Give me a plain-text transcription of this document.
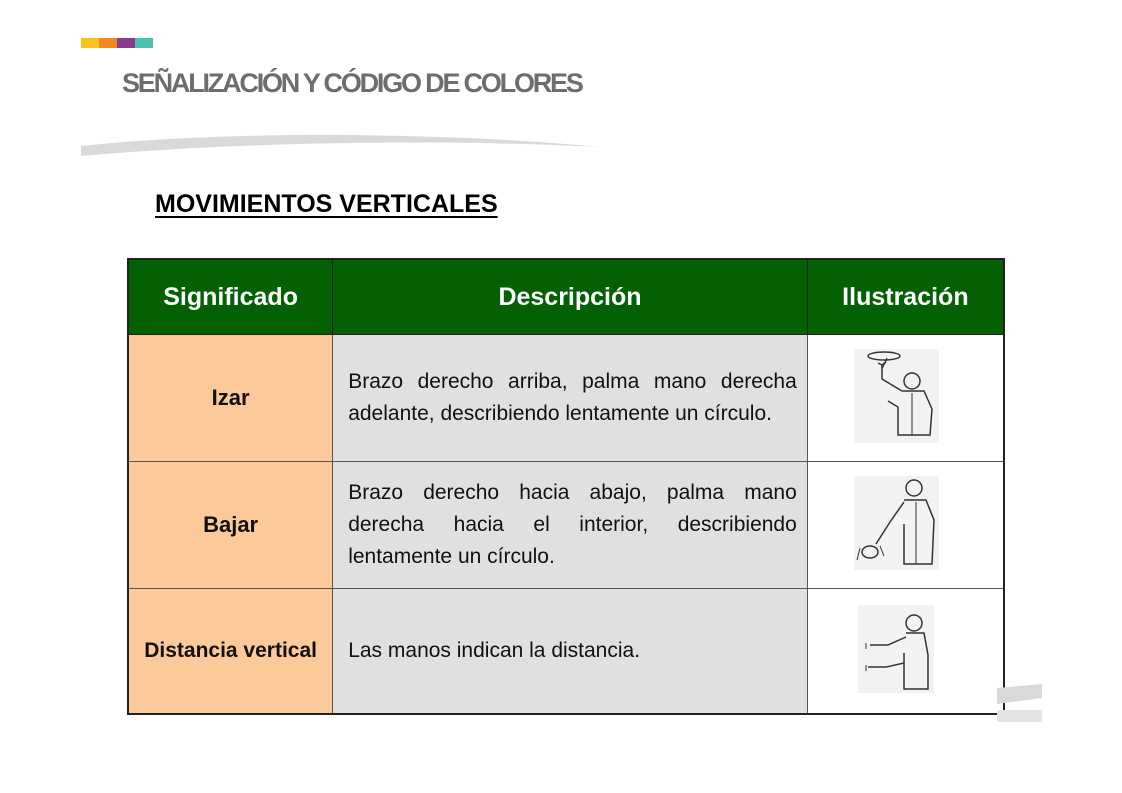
SEÑALIZACIÓN Y CÓDIGO DE COLORES
MOVIMIENTOS VERTICALES
Significado	Descripción	Ilustración
Izar	Brazo derecho arriba, palma mano derecha adelante, describiendo lentamente un círculo.	

Bajar	Brazo derecho hacia abajo, palma mano derecha hacia el interior, describiendo lentamente un círculo.	

Distancia vertical	Las manos indican la distancia.	
